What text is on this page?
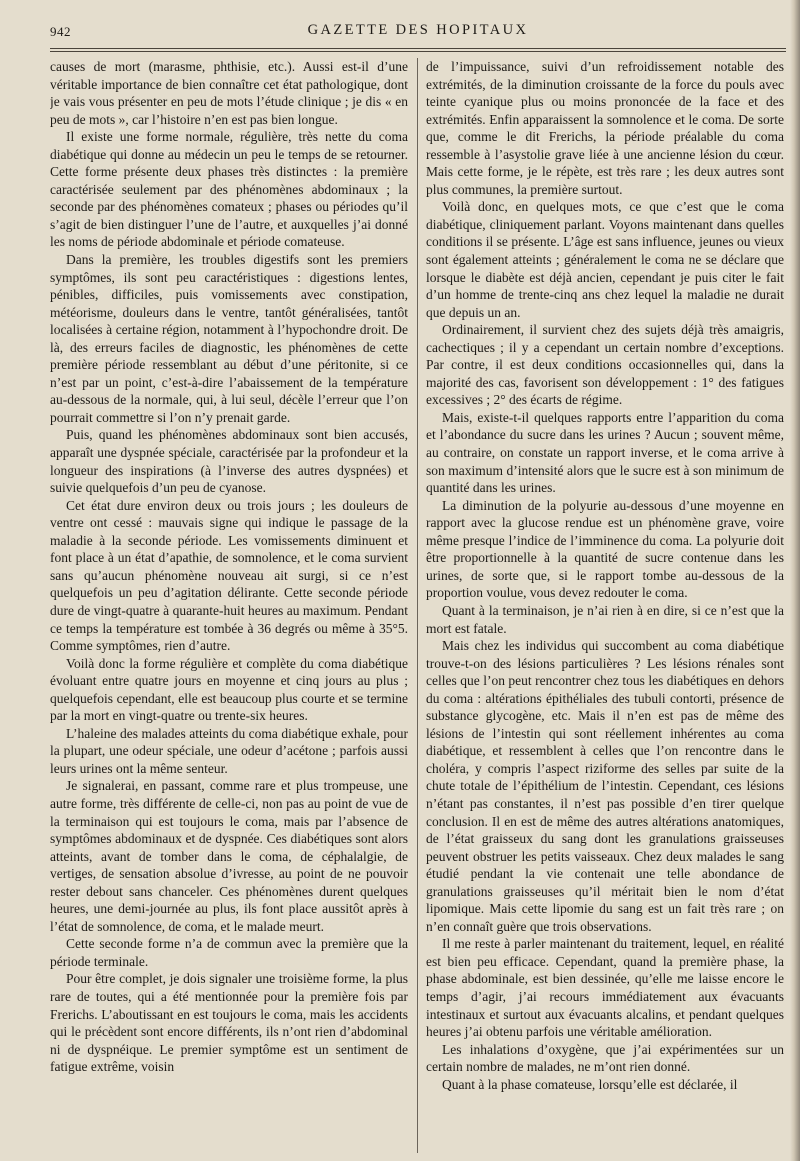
942	GAZETTE DES HOPITAUX

causes de mort (marasme, phthisie, etc.). Aussi est-il d’une véritable importance de bien connaître cet état pathologique, dont je vais vous présenter en peu de mots l’étude clinique ; je dis « en peu de mots », car l’histoire n’en est pas bien longue.

Il existe une forme normale, régulière, très nette du coma diabétique qui donne au médecin un peu le temps de se retourner. Cette forme présente deux phases très distinctes : la première caractérisée seulement par des phénomènes abdominaux ; la seconde par des phénomènes comateux ; phases ou périodes qu’il s’agit de bien distinguer l’une de l’autre, et auxquelles j’ai donné les noms de période abdominale et période comateuse.

Dans la première, les troubles digestifs sont les premiers symptômes, ils sont peu caractéristiques : digestions lentes, pénibles, difficiles, puis vomissements avec constipation, météorisme, douleurs dans le ventre, tantôt généralisées, tantôt localisées à certaine région, notamment à l’hypochondre droit. De là, des erreurs faciles de diagnostic, les phénomènes de cette première période ressemblant au début d’une péritonite, si ce n’est par un point, c’est-à-dire l’abaissement de la température au-dessous de la normale, qui, à lui seul, décèle l’erreur que l’on pourrait commettre si l’on n’y prenait garde.

Puis, quand les phénomènes abdominaux sont bien accusés, apparaît une dyspnée spéciale, caractérisée par la profondeur et la longueur des inspirations (à l’inverse des autres dyspnées) et suivie quelquefois d’un peu de cyanose.

Cet état dure environ deux ou trois jours ; les douleurs de ventre ont cessé : mauvais signe qui indique le passage de la maladie à la seconde période. Les vomissements diminuent et font place à un état d’apathie, de somnolence, et le coma survient sans qu’aucun phénomène nouveau ait surgi, si ce n’est quelquefois un peu d’agitation délirante. Cette seconde période dure de vingt-quatre à quarante-huit heures au maximum. Pendant ce temps la température est tombée à 36 degrés ou même à 35°5. Comme symptômes, rien d’autre.

Voilà donc la forme régulière et complète du coma diabétique évoluant entre quatre jours en moyenne et cinq jours au plus ; quelquefois cependant, elle est beaucoup plus courte et se termine par la mort en vingt-quatre ou trente-six heures.

L’haleine des malades atteints du coma diabétique exhale, pour la plupart, une odeur spéciale, une odeur d’acétone ; parfois aussi leurs urines ont la même senteur.

Je signalerai, en passant, comme rare et plus trompeuse, une autre forme, très différente de celle-ci, non pas au point de vue de la terminaison qui est toujours le coma, mais par l’absence de symptômes abdominaux et de dyspnée. Ces diabétiques sont alors atteints, avant de tomber dans le coma, de céphalalgie, de vertiges, de sensation absolue d’ivresse, au point de ne pouvoir rester debout sans chanceler. Ces phénomènes durent quelques heures, une demi-journée au plus, ils font place aussitôt après à l’état de somnolence, de coma, et le malade meurt.

Cette seconde forme n’a de commun avec la première que la période terminale.

Pour être complet, je dois signaler une troisième forme, la plus rare de toutes, qui a été mentionnée pour la première fois par Frerichs. L’aboutissant en est toujours le coma, mais les accidents qui le précèdent sont encore différents, ils n’ont rien d’abdominal ni de dyspnéique. Le premier symptôme est un sentiment de fatigue extrême, voisin

de l’impuissance, suivi d’un refroidissement notable des extrémités, de la diminution croissante de la force du pouls avec teinte cyanique plus ou moins prononcée de la face et des extrémités. Enfin apparaissent la somnolence et le coma. De sorte que, comme le dit Frerichs, la période préalable du coma ressemble à l’asystolie grave liée à une ancienne lésion du cœur. Mais cette forme, je le répète, est très rare ; les deux autres sont plus communes, la première surtout.

Voilà donc, en quelques mots, ce que c’est que le coma diabétique, cliniquement parlant. Voyons maintenant dans quelles conditions il se présente. L’âge est sans influence, jeunes ou vieux sont également atteints ; généralement le coma ne se déclare que lorsque le diabète est déjà ancien, cependant je puis citer le fait d’un homme de trente-cinq ans chez lequel la maladie ne durait que depuis un an.

Ordinairement, il survient chez des sujets déjà très amaigris, cachectiques ; il y a cependant un certain nombre d’exceptions. Par contre, il est deux conditions occasionnelles qui, dans la majorité des cas, favorisent son développement : 1° des fatigues excessives ; 2° des écarts de régime.

Mais, existe-t-il quelques rapports entre l’apparition du coma et l’abondance du sucre dans les urines ? Aucun ; souvent même, au contraire, on constate un rapport inverse, et le coma arrive à son maximum d’intensité alors que le sucre est à son minimum de quantité dans les urines.

La diminution de la polyurie au-dessous d’une moyenne en rapport avec la glucose rendue est un phénomène grave, voire même presque l’indice de l’imminence du coma. La polyurie doit être proportionnelle à la quantité de sucre contenue dans les urines, de sorte que, si le rapport tombe au-dessous de la proportion voulue, vous devez redouter le coma.

Quant à la terminaison, je n’ai rien à en dire, si ce n’est que la mort est fatale.

Mais chez les individus qui succombent au coma diabétique trouve-t-on des lésions particulières ? Les lésions rénales sont celles que l’on peut rencontrer chez tous les diabétiques en dehors du coma : altérations épithéliales des tubuli contorti, présence de substance glycogène, etc. Mais il n’en est pas de même des lésions de l’intestin qui sont réellement inhérentes au coma diabétique, et ressemblent à celles que l’on rencontre dans le choléra, y compris l’aspect riziforme des selles par suite de la chute totale de l’épithélium de l’intestin. Cependant, ces lésions n’étant pas constantes, il n’est pas possible d’en tirer quelque conclusion. Il en est de même des autres altérations anatomiques, de l’état graisseux du sang dont les granulations graisseuses peuvent obstruer les petits vaisseaux. Chez deux malades le sang étudié pendant la vie contenait une telle abondance de granulations graisseuses qu’il méritait bien le nom d’état lipomique. Mais cette lipomie du sang est un fait très rare ; on n’en connaît guère que trois observations.

Il me reste à parler maintenant du traitement, lequel, en réalité est bien peu efficace. Cependant, quand la première phase, la phase abdominale, est bien dessinée, qu’elle me laisse encore le temps d’agir, j’ai recours immédiatement aux évacuants intestinaux et surtout aux évacuants alcalins, et pendant quelques heures j’ai obtenu parfois une véritable amélioration.

Les inhalations d’oxygène, que j’ai expérimentées sur un certain nombre de malades, ne m’ont rien donné.

Quant à la phase comateuse, lorsqu’elle est déclarée, il
